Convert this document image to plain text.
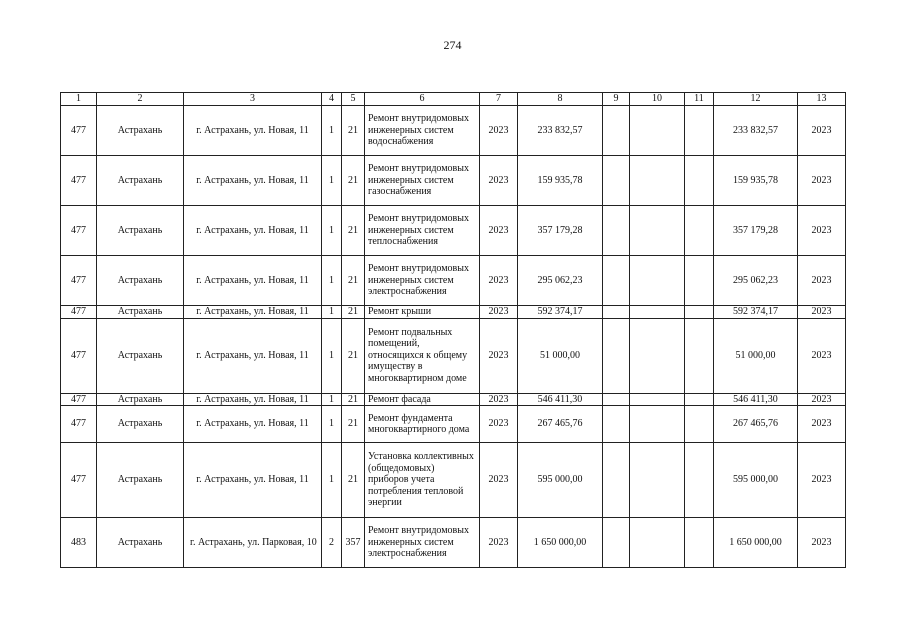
274
1	2	3	4	5	6	7	8	9	10	11	12	13
477	Астрахань	г. Астрахань, ул. Новая, 11	1	21	Ремонт внутридомовых инженерных систем водоснабжения	2023	233 832,57				233 832,57	2023
477	Астрахань	г. Астрахань, ул. Новая, 11	1	21	Ремонт внутридомовых инженерных систем газоснабжения	2023	159 935,78				159 935,78	2023
477	Астрахань	г. Астрахань, ул. Новая, 11	1	21	Ремонт внутридомовых инженерных систем теплоснабжения	2023	357 179,28				357 179,28	2023
477	Астрахань	г. Астрахань, ул. Новая, 11	1	21	Ремонт внутридомовых инженерных систем электроснабжения	2023	295 062,23				295 062,23	2023
477	Астрахань	г. Астрахань, ул. Новая, 11	1	21	Ремонт крыши	2023	592 374,17				592 374,17	2023
477	Астрахань	г. Астрахань, ул. Новая, 11	1	21	Ремонт подвальных помещений, относящихся к общему имуществу в многоквартирном доме	2023	51 000,00				51 000,00	2023
477	Астрахань	г. Астрахань, ул. Новая, 11	1	21	Ремонт фасада	2023	546 411,30				546 411,30	2023
477	Астрахань	г. Астрахань, ул. Новая, 11	1	21	Ремонт фундамента многоквартирного дома	2023	267 465,76				267 465,76	2023
477	Астрахань	г. Астрахань, ул. Новая, 11	1	21	Установка коллективных (общедомовых) приборов учета потребления тепловой энергии	2023	595 000,00				595 000,00	2023
483	Астрахань	г. Астрахань, ул. Парковая, 10	2	357	Ремонт внутридомовых инженерных систем электроснабжения	2023	1 650 000,00				1 650 000,00	2023
